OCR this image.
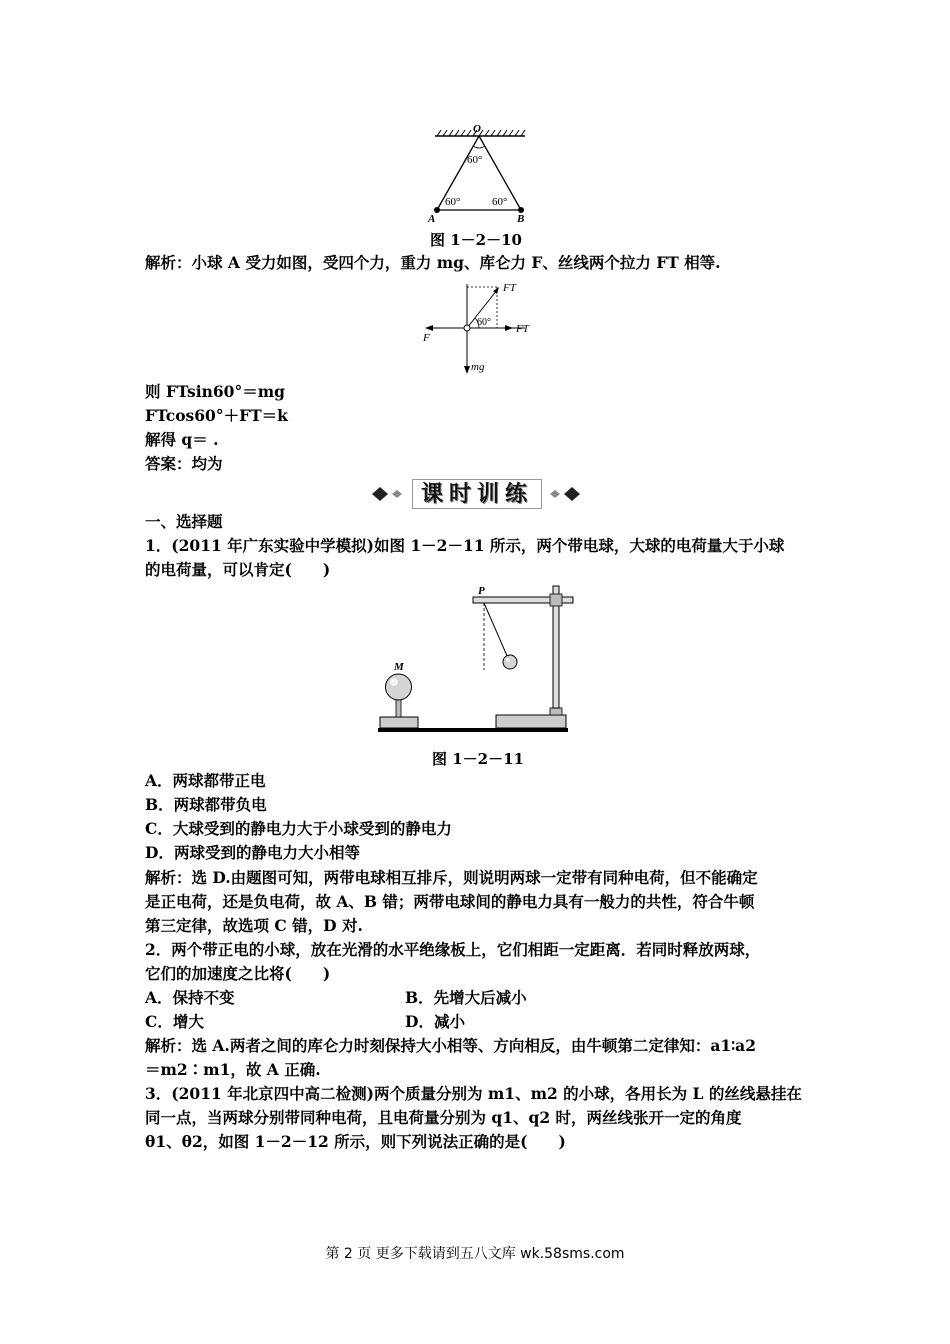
O
60°
60°	60°
A	B
图 1－2－10
解析：小球 A 受力如图，受四个力，重力 mg、库仑力 F、丝线两个拉力 FT 相等.
FT
60°
FT
F
mg
则 FTsin60°＝mg
FTcos60°＋FT＝k
解得 q＝ .
答案：均为
课时训练
一、选择题
1．(2011 年广东实验中学模拟)如图 1－2－11 所示，两个带电球，大球的电荷量大于小球
的电荷量，可以肯定(　　)
P
M
图 1－2－11
A．两球都带正电
B．两球都带负电
C．大球受到的静电力大于小球受到的静电力
D．两球受到的静电力大小相等
解析：选 D.由题图可知，两带电球相互排斥，则说明两球一定带有同种电荷，但不能确定
是正电荷，还是负电荷，故 A、B 错；两带电球间的静电力具有一般力的共性，符合牛顿
第三定律，故选项 C 错，D 对.
2．两个带正电的小球，放在光滑的水平绝缘板上，它们相距一定距离．若同时释放两球，
它们的加速度之比将(　　)
A．保持不变	B．先增大后减小
C．增大	D．减小
解析：选 A.两者之间的库仑力时刻保持大小相等、方向相反，由牛顿第二定律知：a1∶a2
＝m2∶m1，故 A 正确.
3．(2011 年北京四中高二检测)两个质量分别为 m1、m2 的小球，各用长为 L 的丝线悬挂在
同一点，当两球分别带同种电荷，且电荷量分别为 q1、q2 时，两丝线张开一定的角度
θ1、θ2，如图 1－2－12 所示，则下列说法正确的是(　　)
第 2 页 更多下载请到五八文库 wk.58sms.com
